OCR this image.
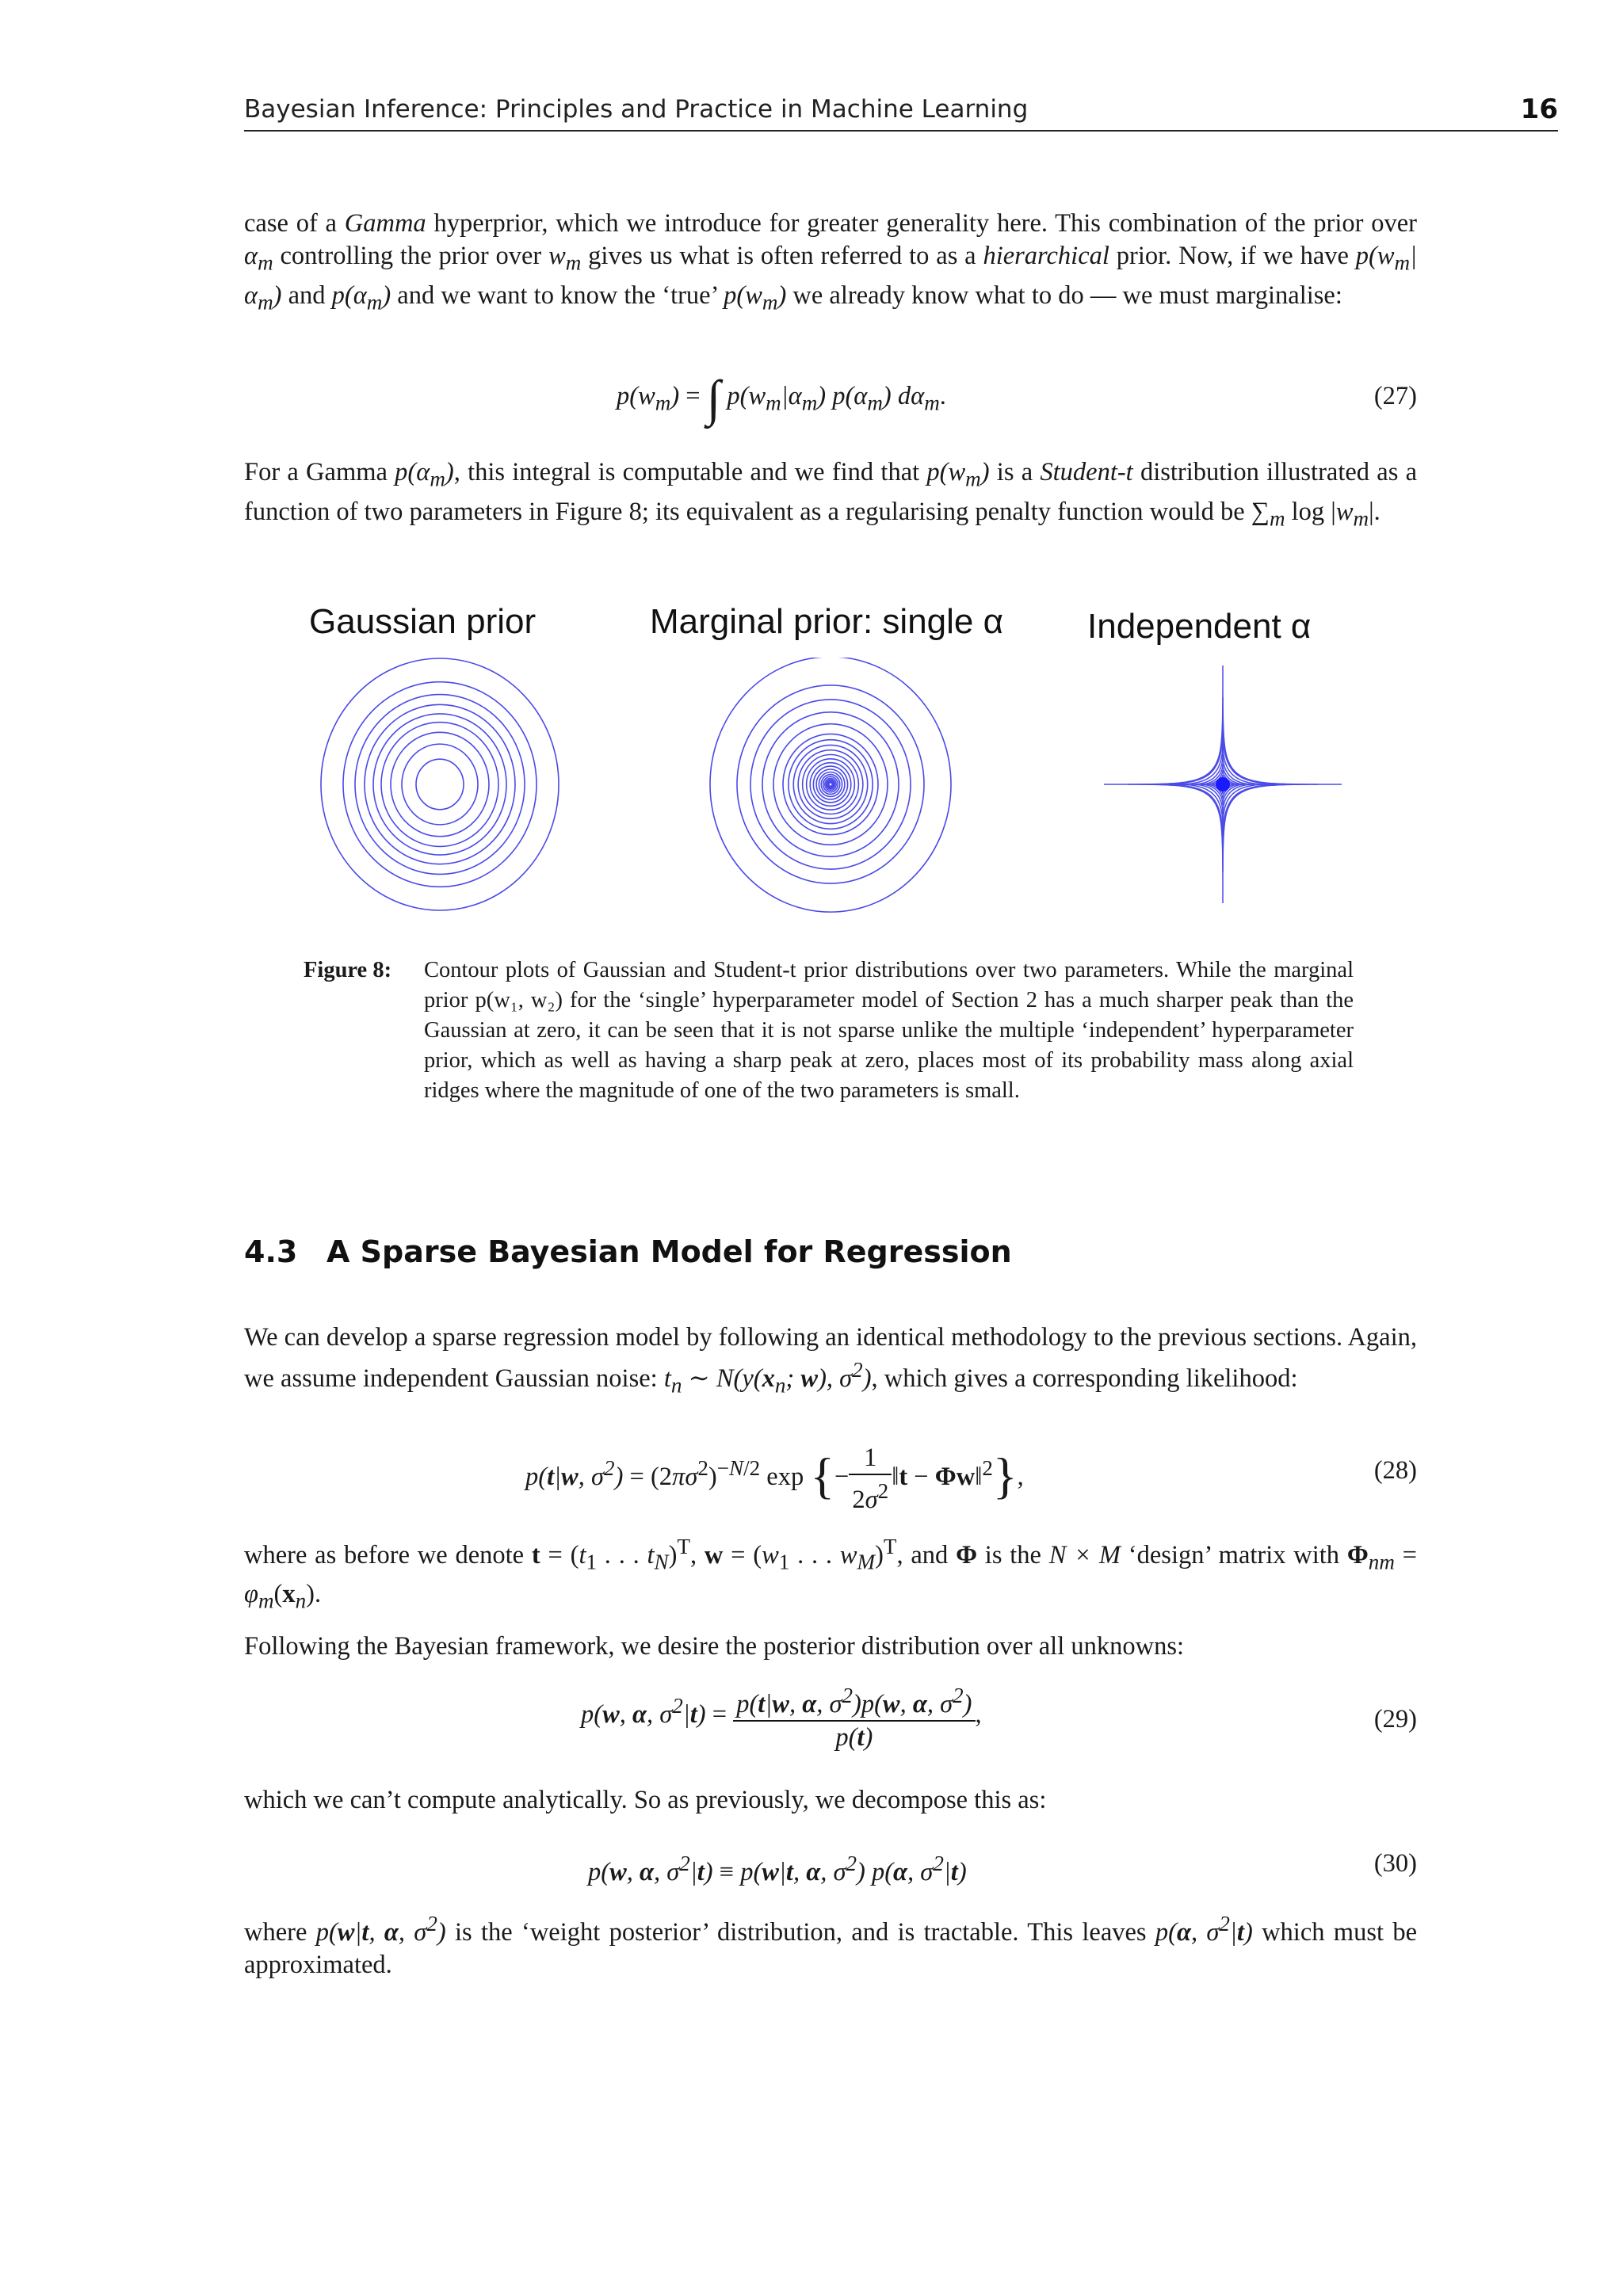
Bayesian Inference: Principles and Practice in Machine Learning	16
case of a Gamma hyperprior, which we introduce for greater generality here. This combination of the prior over $\alpha_m$ controlling the prior over $w_m$ gives us what is often referred to as a hierarchical prior. Now, if we have $p(w_m|\alpha_m)$ and $p(\alpha_m)$ and we want to know the ‘true’ $p(w_m)$ we already know what to do — we must marginalise:
$p(w_m)$ = ∫ $p(w_m|\alpha_m)$ $p(\alpha_m)$ $d\alpha_m$.	(27)
For a Gamma $p(\alpha_m)$, this integral is computable and we find that $p(w_m)$ is a Student-t distribution illustrated as a function of two parameters in Figure 8; its equivalent as a regularising penalty function would be $\sum_m$ $\log |w_m|$.
Gaussian prior	Marginal prior: single α Independent α
Figure 8: Contour plots of Gaussian and Student-t prior distributions over two parameters. While the marginal prior p(w₁, w₂) for the ‘single’ hyperparameter model of Section 2 has a much sharper peak than the Gaussian at zero, it can be seen that it is not sparse unlike the multiple ‘independent’ hyperparameter prior, which as well as having a sharp peak at zero, places most of its probability mass along axial ridges where the magnitude of one of the two parameters is small.
4.3 A Sparse Bayesian Model for Regression
We can develop a sparse regression model by following an identical methodology to the previous sections. Again, we assume independent Gaussian noise: $t_n$ ∼ $N(y(x_n$; w), $\sigma^2$), which gives a corresponding likelihood:
p(t|w, $\sigma^2) = (2\pi\sigma^2)^{-N/2}$ exp {− $\frac{1}{2\sigma^2}$ ‖t − Φw‖$^2$},	(28)
where as before we denote $t = (t_1$ . . . $t_N)^T$, $w = (w_1$ . . . $w_M)^T$, and Φ is the N × M ‘design’ matrix with $\Phi_{nm} = \varphi_m(x_n)$.
Following the Bayesian framework, we desire the posterior distribution over all unknowns:
p(w, α, $\sigma^2|t) = \frac{p(t|w, \alpha, \sigma^2)p(w, \alpha, \sigma^2)}{p(t)}$ ,	(29)
which we can’t compute analytically. So as previously, we decompose this as:
p(w, α, $\sigma^2|t) \equiv p(w|t$, α, $\sigma^2$) p(α, $\sigma^2|t$)	(30)
where p(w|t, α, $\sigma^2$) is the ‘weight posterior’ distribution, and is tractable. This leaves p(α, $\sigma^2|t$) which must be approximated.
